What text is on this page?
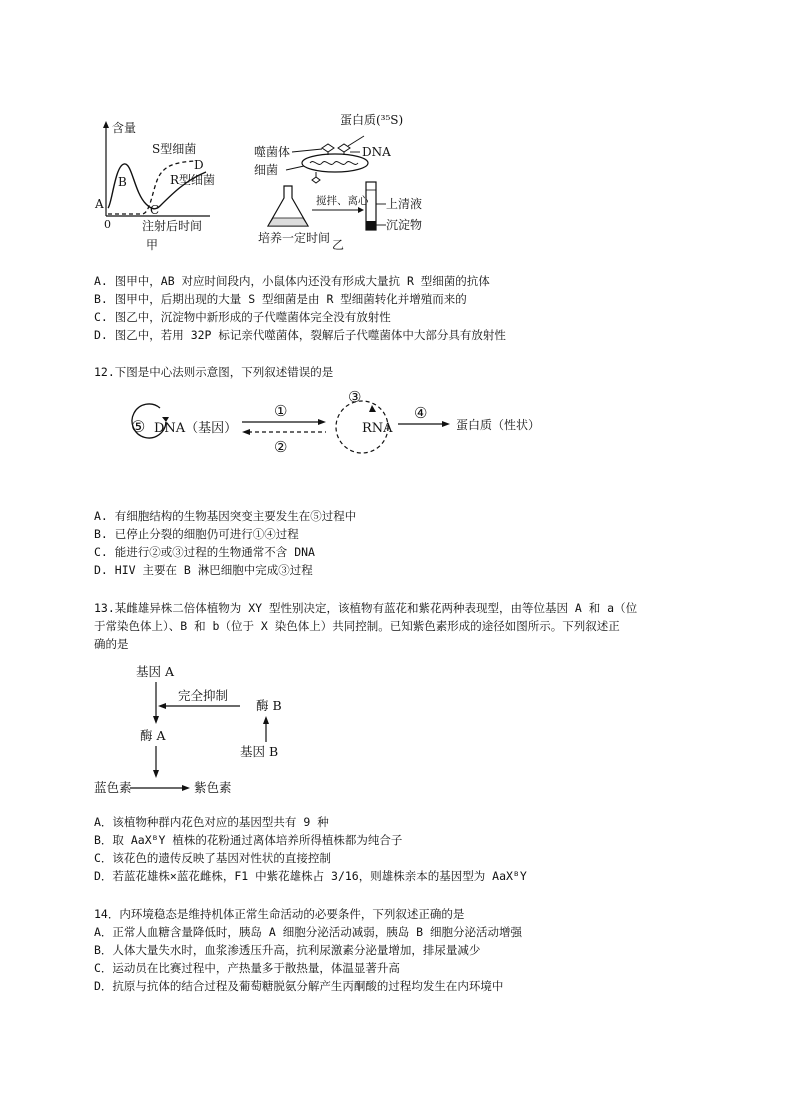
含量
S型细菌
D
R型细菌
B
A	C
0	注射后时间
甲
蛋白质(³⁵S)
噬菌体	DNA
细菌
搅拌、离心 上清液
沉淀物
培养一定时间 乙
A. 图甲中，AB 对应时间段内，小鼠体内还没有形成大量抗 R 型细菌的抗体
B. 图甲中，后期出现的大量 S 型细菌是由 R 型细菌转化并增殖而来的
C. 图乙中，沉淀物中新形成的子代噬菌体完全没有放射性
D. 图乙中，若用 32P 标记亲代噬菌体，裂解后子代噬菌体中大部分具有放射性
12.下图是中心法则示意图，下列叙述错误的是
⑤ DNA（基因）
①
②
③
RNA
④
蛋白质（性状）
A. 有细胞结构的生物基因突变主要发生在⑤过程中
B. 已停止分裂的细胞仍可进行①④过程
C. 能进行②或③过程的生物通常不含 DNA
D. HIV 主要在 B 淋巴细胞中完成③过程
13.某雌雄异株二倍体植物为 XY 型性别决定，该植物有蓝花和紫花两种表现型，由等位基因 A 和 a（位
于常染色体上）、B 和 b（位于 X 染色体上）共同控制。已知紫色素形成的途径如图所示。下列叙述正
确的是
基因 A
完全抑制
酶 B
酶 A
基因 B
蓝色素	紫色素
A．该植物种群内花色对应的基因型共有 9 种
B．取 AaXᴮY 植株的花粉通过离体培养所得植株都为纯合子
C．该花色的遗传反映了基因对性状的直接控制
D．若蓝花雄株×蓝花雌株，F1 中紫花雄株占 3/16，则雄株亲本的基因型为 AaXᴮY
14．内环境稳态是维持机体正常生命活动的必要条件，下列叙述正确的是
A．正常人血糖含量降低时，胰岛 A 细胞分泌活动减弱，胰岛 B 细胞分泌活动增强
B．人体大量失水时，血浆渗透压升高，抗利尿激素分泌量增加，排尿量减少
C．运动员在比赛过程中，产热量多于散热量，体温显著升高
D．抗原与抗体的结合过程及葡萄糖脱氨分解产生丙酮酸的过程均发生在内环境中
